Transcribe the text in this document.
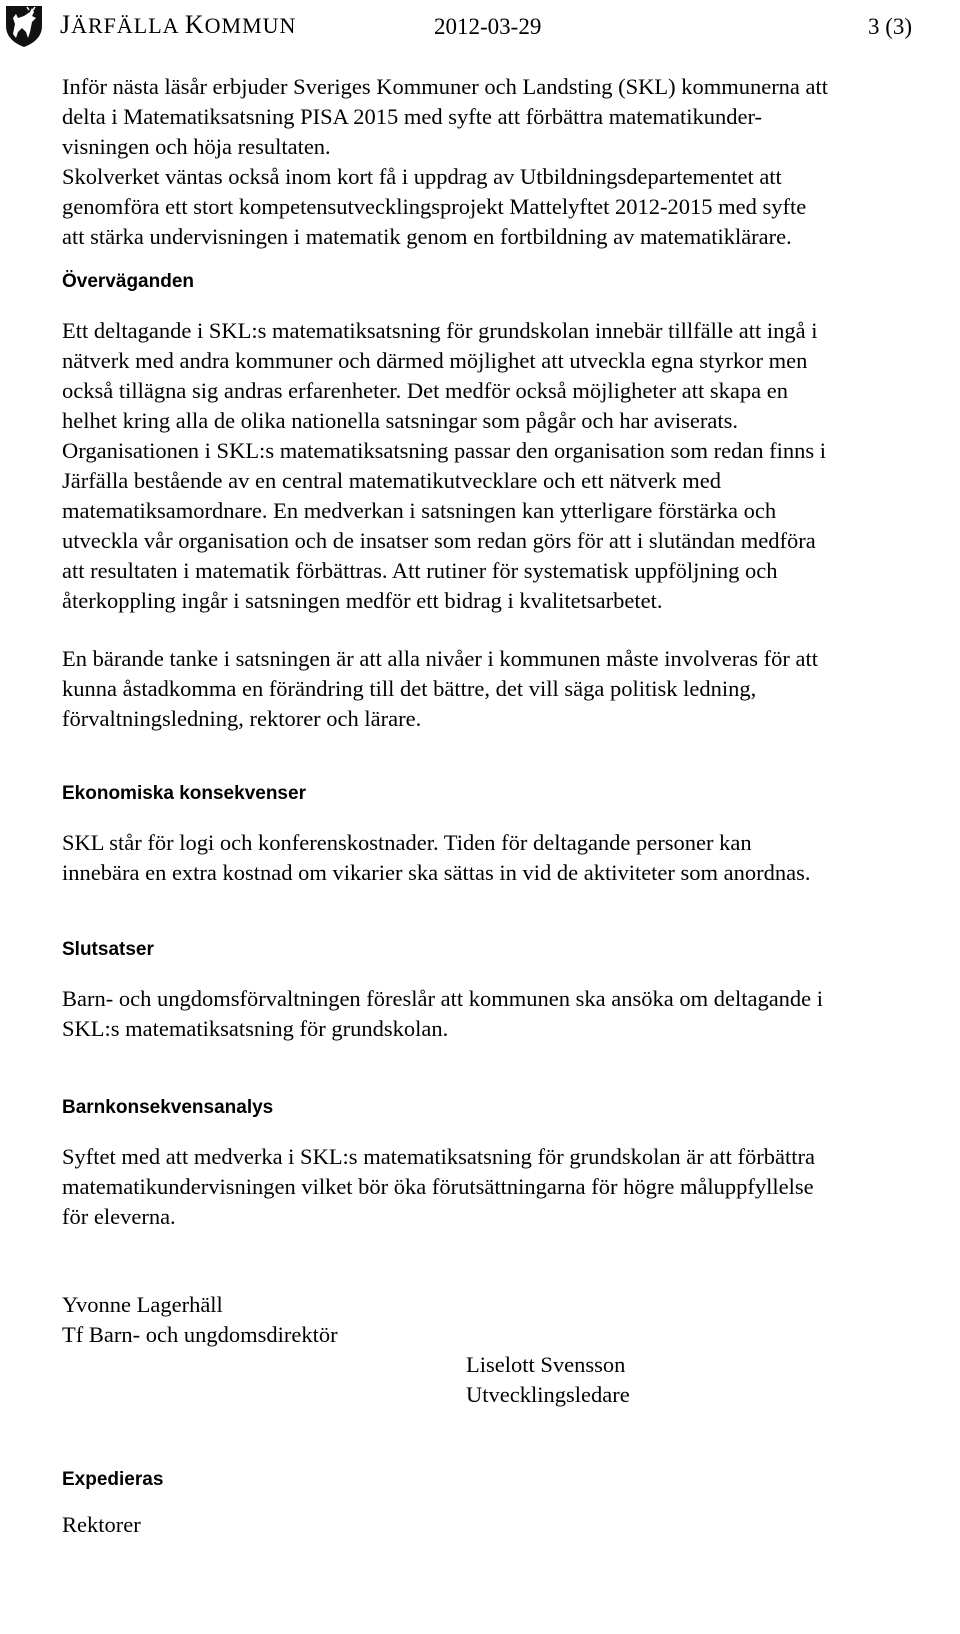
JÄRFÄLLA KOMMUN	2012-03-29	3 (3)

Inför nästa läsår erbjuder Sveriges Kommuner och Landsting (SKL) kommunerna att

delta i Matematiksatsning PISA 2015 med syfte att förbättra matematikunder-

visningen och höja resultaten.

Skolverket väntas också inom kort få i uppdrag av Utbildningsdepartementet att

genomföra ett stort kompetensutvecklingsprojekt Mattelyftet 2012-2015 med syfte

att stärka undervisningen i matematik genom en fortbildning av matematiklärare.

Överväganden

Ett deltagande i SKL:s matematiksatsning för grundskolan innebär tillfälle att ingå i

nätverk med andra kommuner och därmed möjlighet att utveckla egna styrkor men

också tillägna sig andras erfarenheter. Det medför också möjligheter att skapa en

helhet kring alla de olika nationella satsningar som pågår och har aviserats.

Organisationen i SKL:s matematiksatsning passar den organisation som redan finns i

Järfälla bestående av en central matematikutvecklare och ett nätverk med

matematiksamordnare. En medverkan i satsningen kan ytterligare förstärka och

utveckla vår organisation och de insatser som redan görs för att i slutändan medföra

att resultaten i matematik förbättras. Att rutiner för systematisk uppföljning och

återkoppling ingår i satsningen medför ett bidrag i kvalitetsarbetet.

En bärande tanke i satsningen är att alla nivåer i kommunen måste involveras för att

kunna åstadkomma en förändring till det bättre, det vill säga politisk ledning,

förvaltningsledning, rektorer och lärare.

Ekonomiska konsekvenser

SKL står för logi och konferenskostnader. Tiden för deltagande personer kan

innebära en extra kostnad om vikarier ska sättas in vid de aktiviteter som anordnas.

Slutsatser

Barn- och ungdomsförvaltningen föreslår att kommunen ska ansöka om deltagande i

SKL:s matematiksatsning för grundskolan.

Barnkonsekvensanalys

Syftet med att medverka i SKL:s matematiksatsning för grundskolan är att förbättra

matematikundervisningen vilket bör öka förutsättningarna för högre måluppfyllelse

för eleverna.

Yvonne Lagerhäll

Tf Barn- och ungdomsdirektör

Liselott Svensson

Utvecklingsledare

Expedieras

Rektorer
